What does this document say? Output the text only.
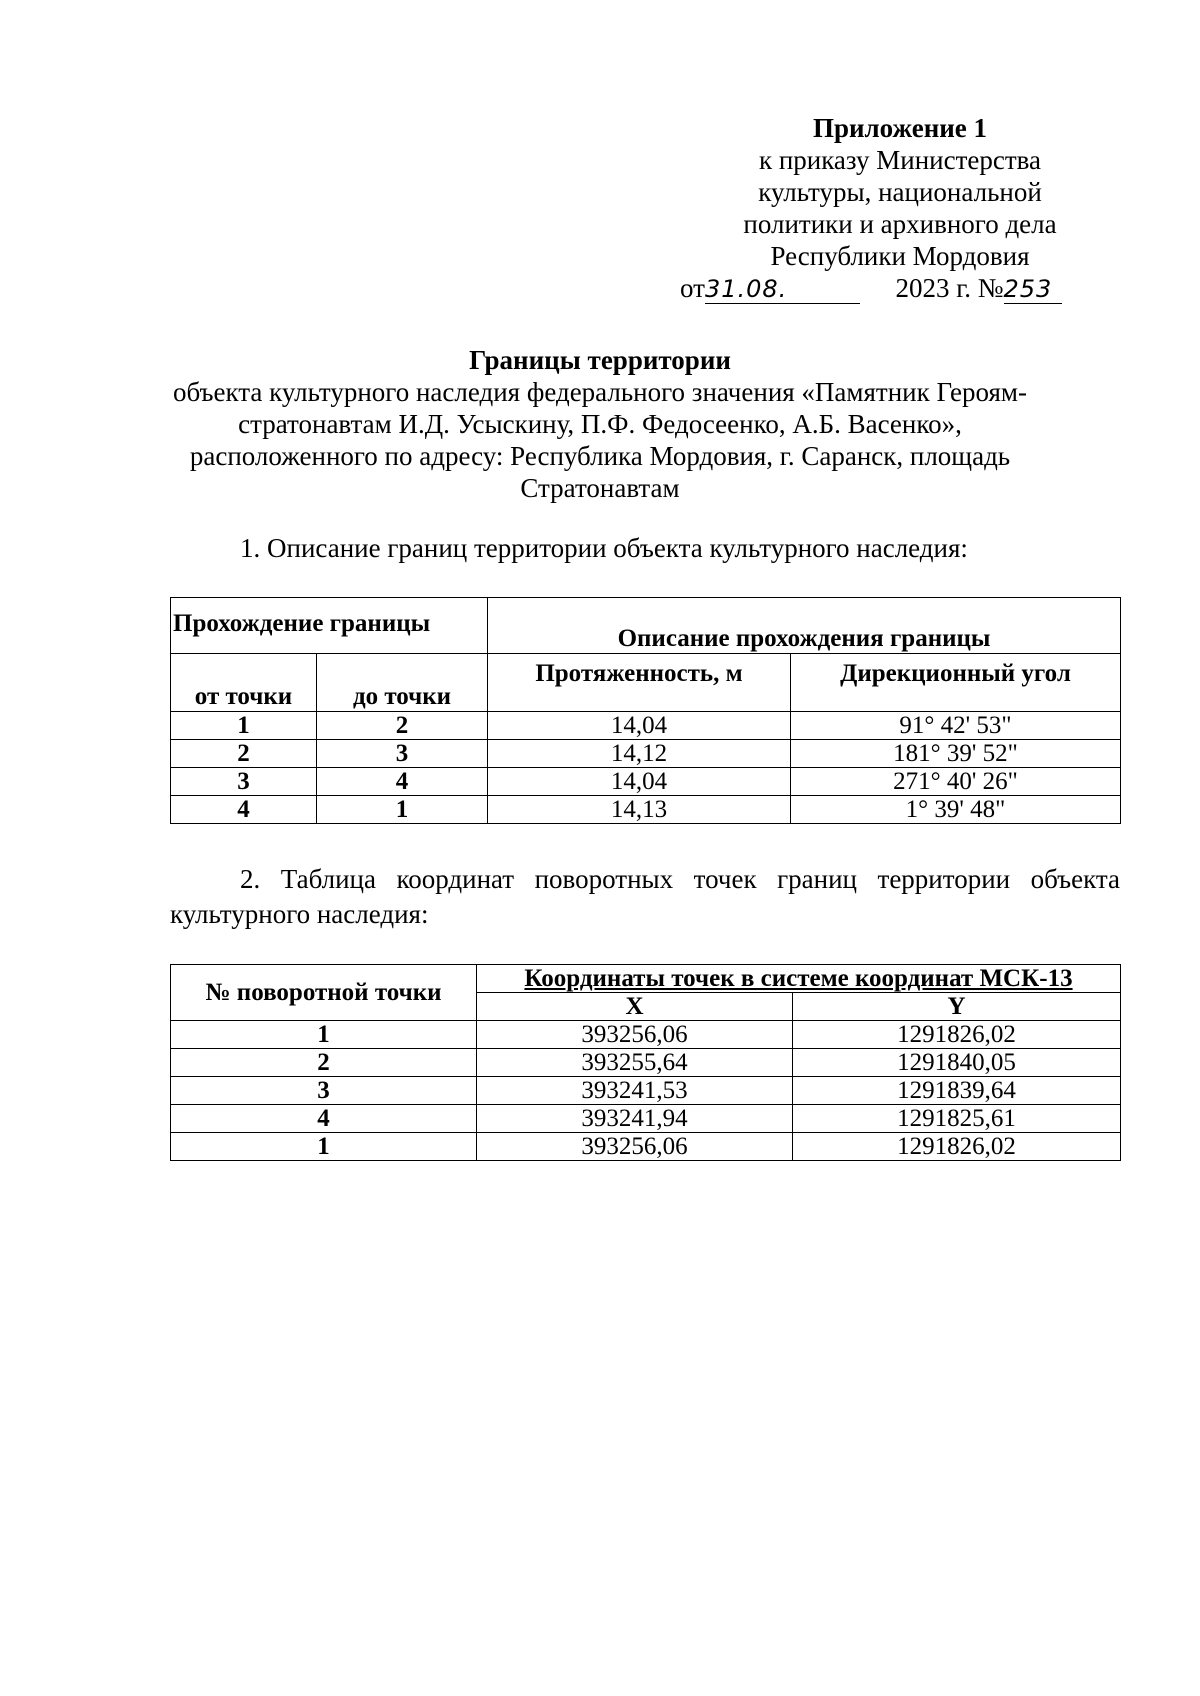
Приложение 1
к приказу Министерства
культуры, национальной
политики и архивного дела
Республики Мордовия
от31.08.	2023 г. №253
Границы территории
объекта культурного наследия федерального значения «Памятник Героям-
стратонавтам И.Д. Усыскину, П.Ф. Федосеенко, А.Б. Васенко»,
расположенного по адресу: Республика Мордовия, г. Саранск, площадь
Стратонавтам
1. Описание границ территории объекта культурного наследия:
Прохождение границы		Описание прохождения границы	
от точки	до точки	Протяженность, м	Дирекционный угол
1	2	14,04	91° 42' 53"
2	3	14,12	181° 39' 52"
3	4	14,04	271° 40' 26"
4	1	14,13	1° 39' 48"
2. Таблица координат поворотных точек границ территории объекта
культурного наследия:
№ поворотной точки	Координаты точек в системе координат МСК-13	
	X	Y
1	393256,06	1291826,02
2	393255,64	1291840,05
3	393241,53	1291839,64
4	393241,94	1291825,61
1	393256,06	1291826,02
